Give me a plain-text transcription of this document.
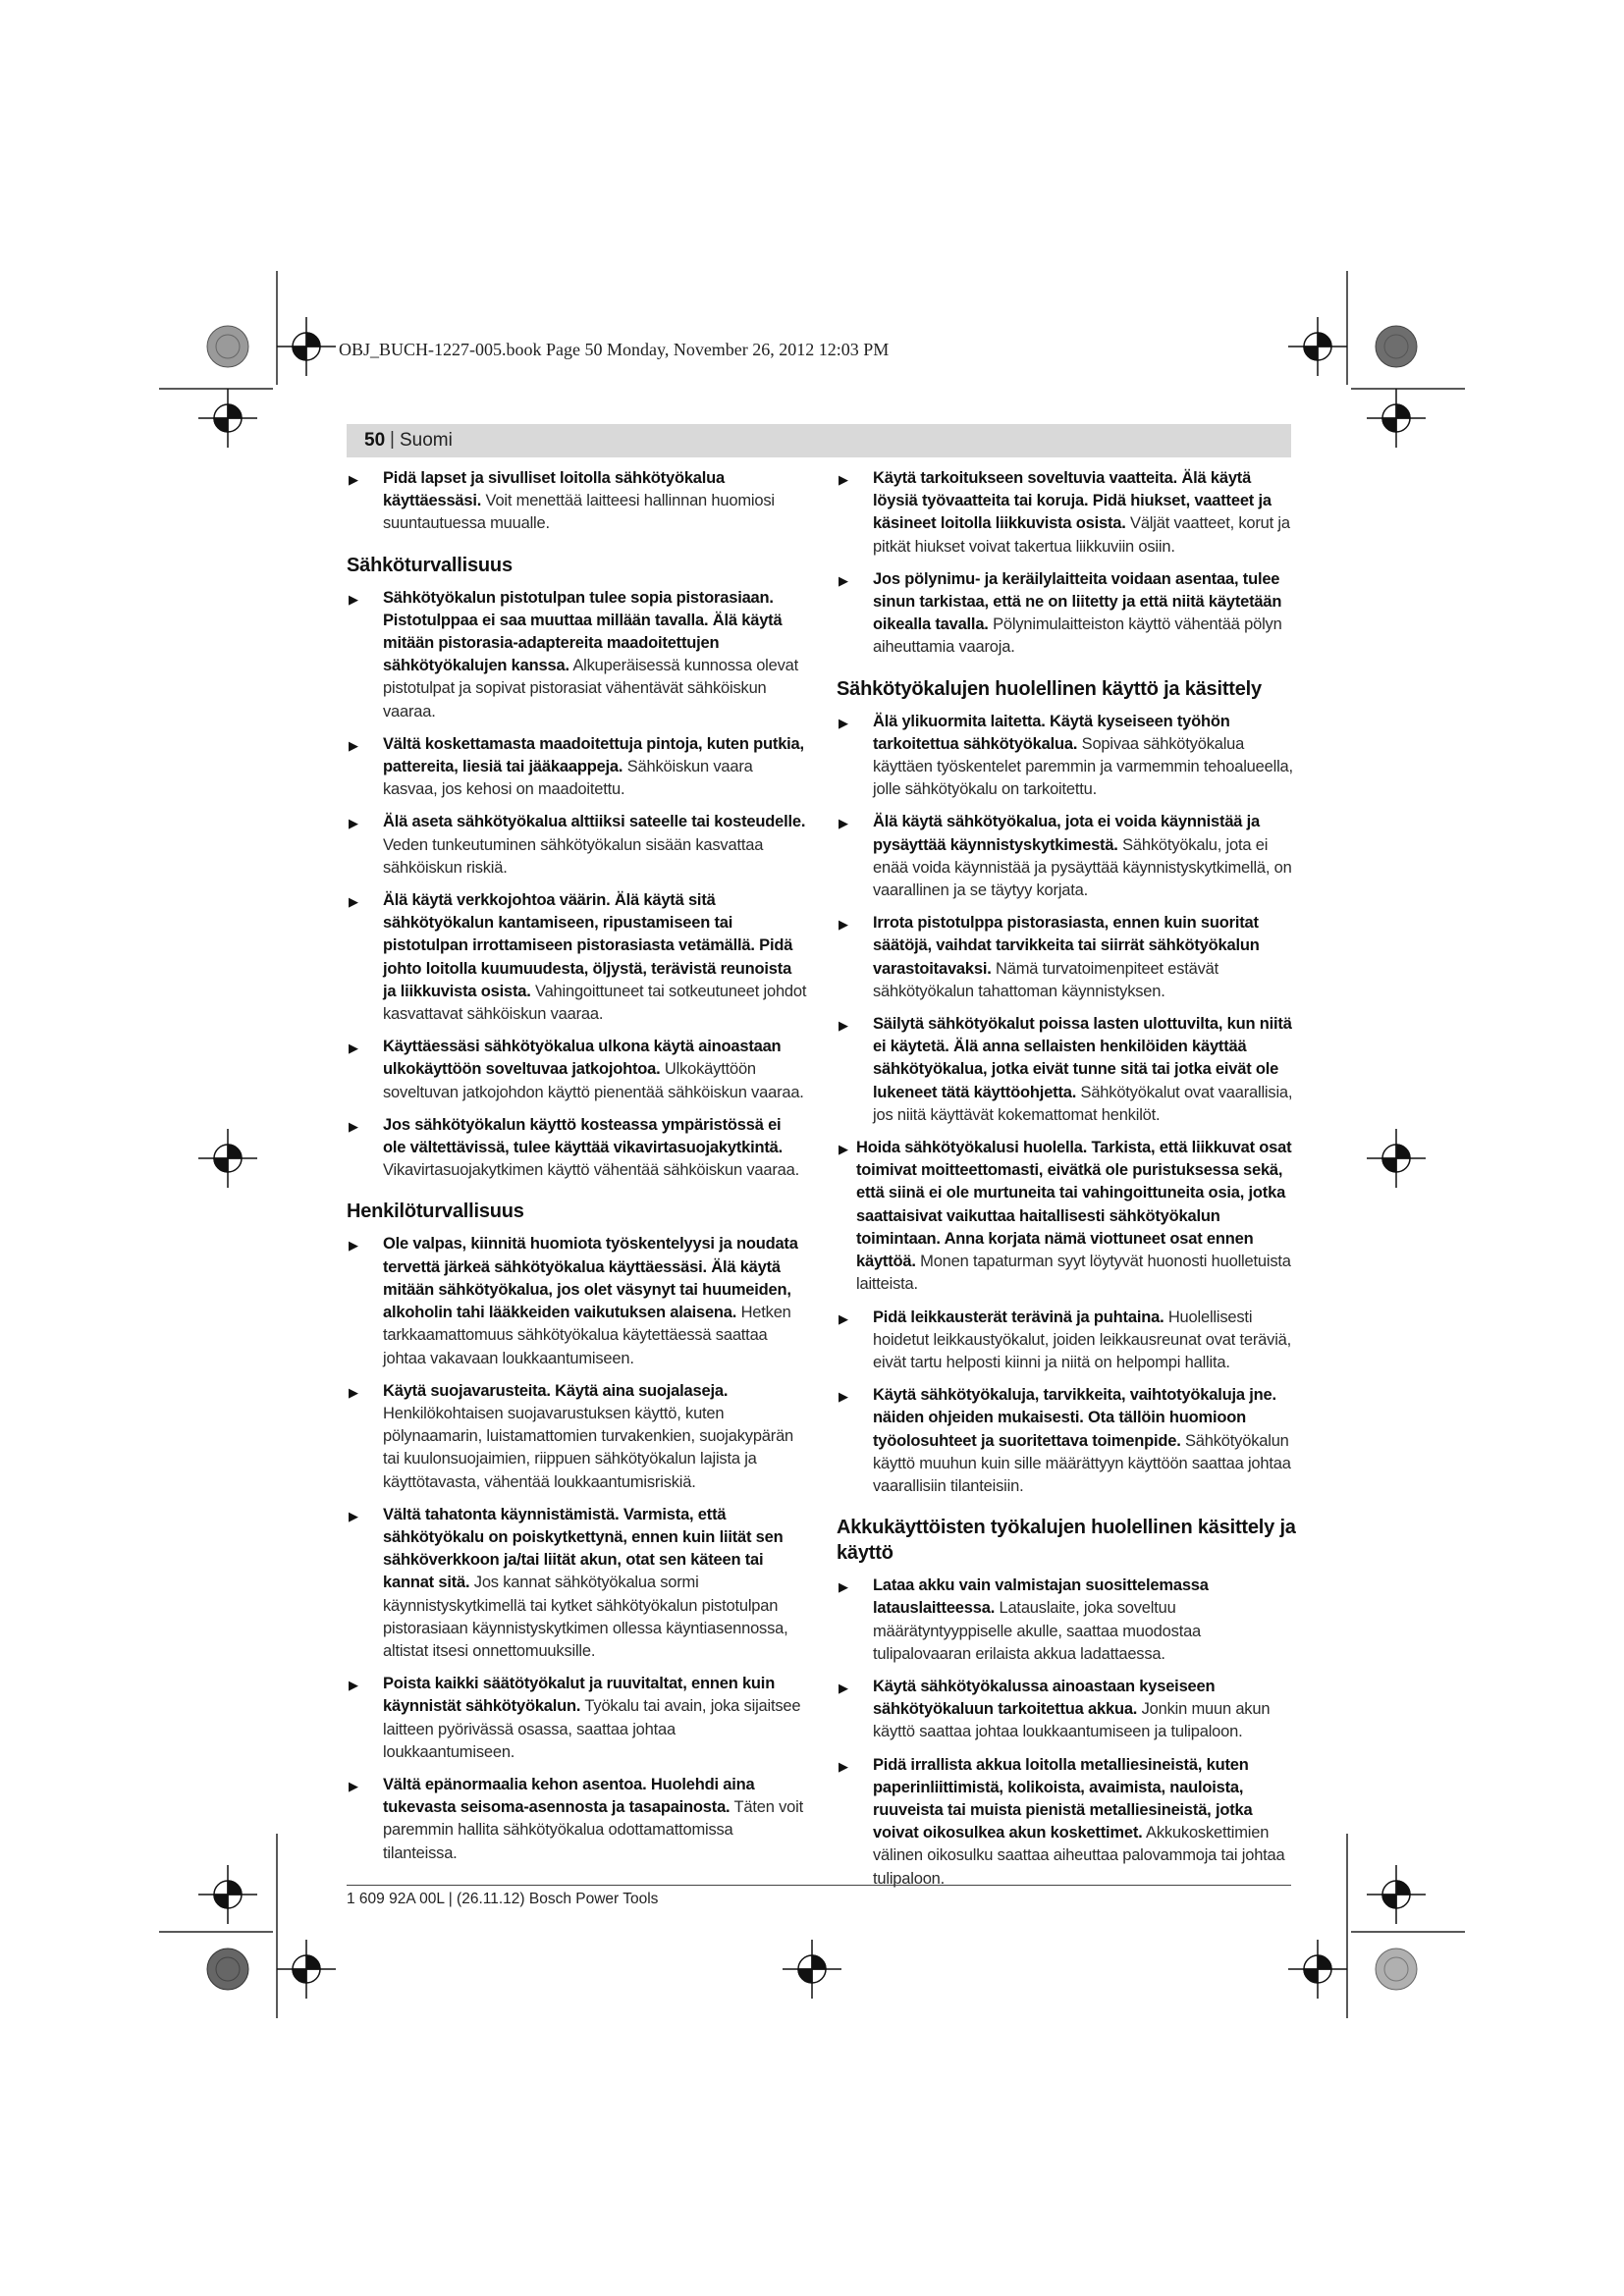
OBJ_BUCH-1227-005.book Page 50 Monday, November 26, 2012 12:03 PM
50 | Suomi
▶ Pidä lapset ja sivulliset loitolla sähkötyökalua käyttäessäsi. Voit menettää laitteesi hallinnan huomiosi suuntautuessa muualle.
Sähköturvallisuus
▶ Sähkötyökalun pistotulpan tulee sopia pistorasiaan. Pistotulppaa ei saa muuttaa millään tavalla. Älä käytä mitään pistorasia-adaptereita maadoitettujen sähkötyökalujen kanssa. Alkuperäisessä kunnossa olevat pistotulpat ja sopivat pistorasiat vähentävät sähköiskun vaaraa.
▶ Vältä koskettamasta maadoitettuja pintoja, kuten putkia, pattereita, liesiä tai jääkaappeja. Sähköiskun vaara kasvaa, jos kehosi on maadoitettu.
▶ Älä aseta sähkötyökalua alttiiksi sateelle tai kosteudelle. Veden tunkeutuminen sähkötyökalun sisään kasvattaa sähköiskun riskiä.
▶ Älä käytä verkkojohtoa väärin. Älä käytä sitä sähkötyökalun kantamiseen, ripustamiseen tai pistotulpan irrottamiseen pistorasiasta vetämällä. Pidä johto loitolla kuumuudesta, öljystä, terävistä reunoista ja liikkuvista osista. Vahingoittuneet tai sotkeutuneet johdot kasvattavat sähköiskun vaaraa.
▶ Käyttäessäsi sähkötyökalua ulkona käytä ainoastaan ulkokäyttöön soveltuvaa jatkojohtoa. Ulkokäyttöön soveltuvan jatkojohdon käyttö pienentää sähköiskun vaaraa.
▶ Jos sähkötyökalun käyttö kosteassa ympäristössä ei ole vältettävissä, tulee käyttää vikavirtasuojakytkintä. Vikavirtasuojakytkimen käyttö vähentää sähköiskun vaaraa.
Henkilöturvallisuus
▶ Ole valpas, kiinnitä huomiota työskentelyysi ja noudata tervettä järkeä sähkötyökalua käyttäessäsi. Älä käytä mitään sähkötyökalua, jos olet väsynyt tai huumeiden, alkoholin tahi lääkkeiden vaikutuksen alaisena. Hetken tarkkaamattomuus sähkötyökalua käytettäessä saattaa johtaa vakavaan loukkaantumiseen.
▶ Käytä suojavarusteita. Käytä aina suojalaseja. Henkilökohtaisen suojavarustuksen käyttö, kuten pölynaamarin, luistamattomien turvakenkien, suojakypärän tai kuulonsuojaimien, riippuen sähkötyökalun lajista ja käyttötavasta, vähentää loukkaantumisriskiä.
▶ Vältä tahatonta käynnistämistä. Varmista, että sähkötyökalu on poiskytkettynä, ennen kuin liität sen sähköverkkoon ja/tai liität akun, otat sen käteen tai kannat sitä. Jos kannat sähkötyökalua sormi käynnistyskytkimellä tai kytket sähkötyökalun pistotulpan pistorasiaan käynnistyskytkimen ollessa käyntiasennossa, altistat itsesi onnettomuuksille.
▶ Poista kaikki säätötyökalut ja ruuvitaltat, ennen kuin käynnistät sähkötyökalun. Työkalu tai avain, joka sijaitsee laitteen pyörivässä osassa, saattaa johtaa loukkaantumiseen.
▶ Vältä epänormaalia kehon asentoa. Huolehdi aina tukevasta seisoma-asennosta ja tasapainosta. Täten voit paremmin hallita sähkötyökalua odottamattomissa tilanteissa.
▶ Käytä tarkoitukseen soveltuvia vaatteita. Älä käytä löysiä työvaatteita tai koruja. Pidä hiukset, vaatteet ja käsineet loitolla liikkuvista osista. Väljät vaatteet, korut ja pitkät hiukset voivat takertua liikkuviin osiin.
▶ Jos pölynimu- ja keräilylaitteita voidaan asentaa, tulee sinun tarkistaa, että ne on liitetty ja että niitä käytetään oikealla tavalla. Pölynimulaitteiston käyttö vähentää pölyn aiheuttamia vaaroja.
Sähkötyökalujen huolellinen käyttö ja käsittely
▶ Älä ylikuormita laitetta. Käytä kyseiseen työhön tarkoitettua sähkötyökalua. Sopivaa sähkötyökalua käyttäen työskentelet paremmin ja varmemmin tehoalueella, jolle sähkötyökalu on tarkoitettu.
▶ Älä käytä sähkötyökalua, jota ei voida käynnistää ja pysäyttää käynnistyskytkimestä. Sähkötyökalu, jota ei enää voida käynnistää ja pysäyttää käynnistyskytkimellä, on vaarallinen ja se täytyy korjata.
▶ Irrota pistotulppa pistorasiasta, ennen kuin suoritat säätöjä, vaihdat tarvikkeita tai siirrät sähkötyökalun varastoitavaksi. Nämä turvatoimenpiteet estävät sähkötyökalun tahattoman käynnistyksen.
▶ Säilytä sähkötyökalut poissa lasten ulottuvilta, kun niitä ei käytetä. Älä anna sellaisten henkilöiden käyttää sähkötyökalua, jotka eivät tunne sitä tai jotka eivät ole lukeneet tätä käyttöohjetta. Sähkötyökalut ovat vaarallisia, jos niitä käyttävät kokemattomat henkilöt.
▶ Hoida sähkötyökalusi huolella. Tarkista, että liikkuvat osat toimivat moitteettomasti, eivätkä ole puristuksessa sekä, että siinä ei ole murtuneita tai vahingoittuneita osia, jotka saattaisivat vaikuttaa haitallisesti sähkötyökalun toimintaan. Anna korjata nämä viottuneet osat ennen käyttöä. Monen tapaturman syyt löytyvät huonosti huolletuista laitteista.
▶ Pidä leikkausterät terävinä ja puhtaina. Huolellisesti hoidetut leikkaustyökalut, joiden leikkausreunat ovat teräviä, eivät tartu helposti kiinni ja niitä on helpompi hallita.
▶ Käytä sähkötyökaluja, tarvikkeita, vaihtotyökaluja jne. näiden ohjeiden mukaisesti. Ota tällöin huomioon työolosuhteet ja suoritettava toimenpide. Sähkötyökalun käyttö muuhun kuin sille määrättyyn käyttöön saattaa johtaa vaarallisiin tilanteisiin.
Akkukäyttöisten työkalujen huolellinen käsittely ja käyttö
▶ Lataa akku vain valmistajan suosittelemassa latauslaitteessa. Latauslaite, joka soveltuu määrätyntyyppiselle akulle, saattaa muodostaa tulipalovaaran erilaista akkua ladattaessa.
▶ Käytä sähkötyökalussa ainoastaan kyseiseen sähkötyökaluun tarkoitettua akkua. Jonkin muun akun käyttö saattaa johtaa loukkaantumiseen ja tulipaloon.
▶ Pidä irrallista akkua loitolla metalliesineistä, kuten paperinliittimistä, kolikoista, avaimista, nauloista, ruuveista tai muista pienistä metalliesineistä, jotka voivat oikosulkea akun koskettimet. Akkukoskettimien välinen oikosulku saattaa aiheuttaa palovammoja tai johtaa tulipaloon.
1 609 92A 00L | (26.11.12) Bosch Power Tools
